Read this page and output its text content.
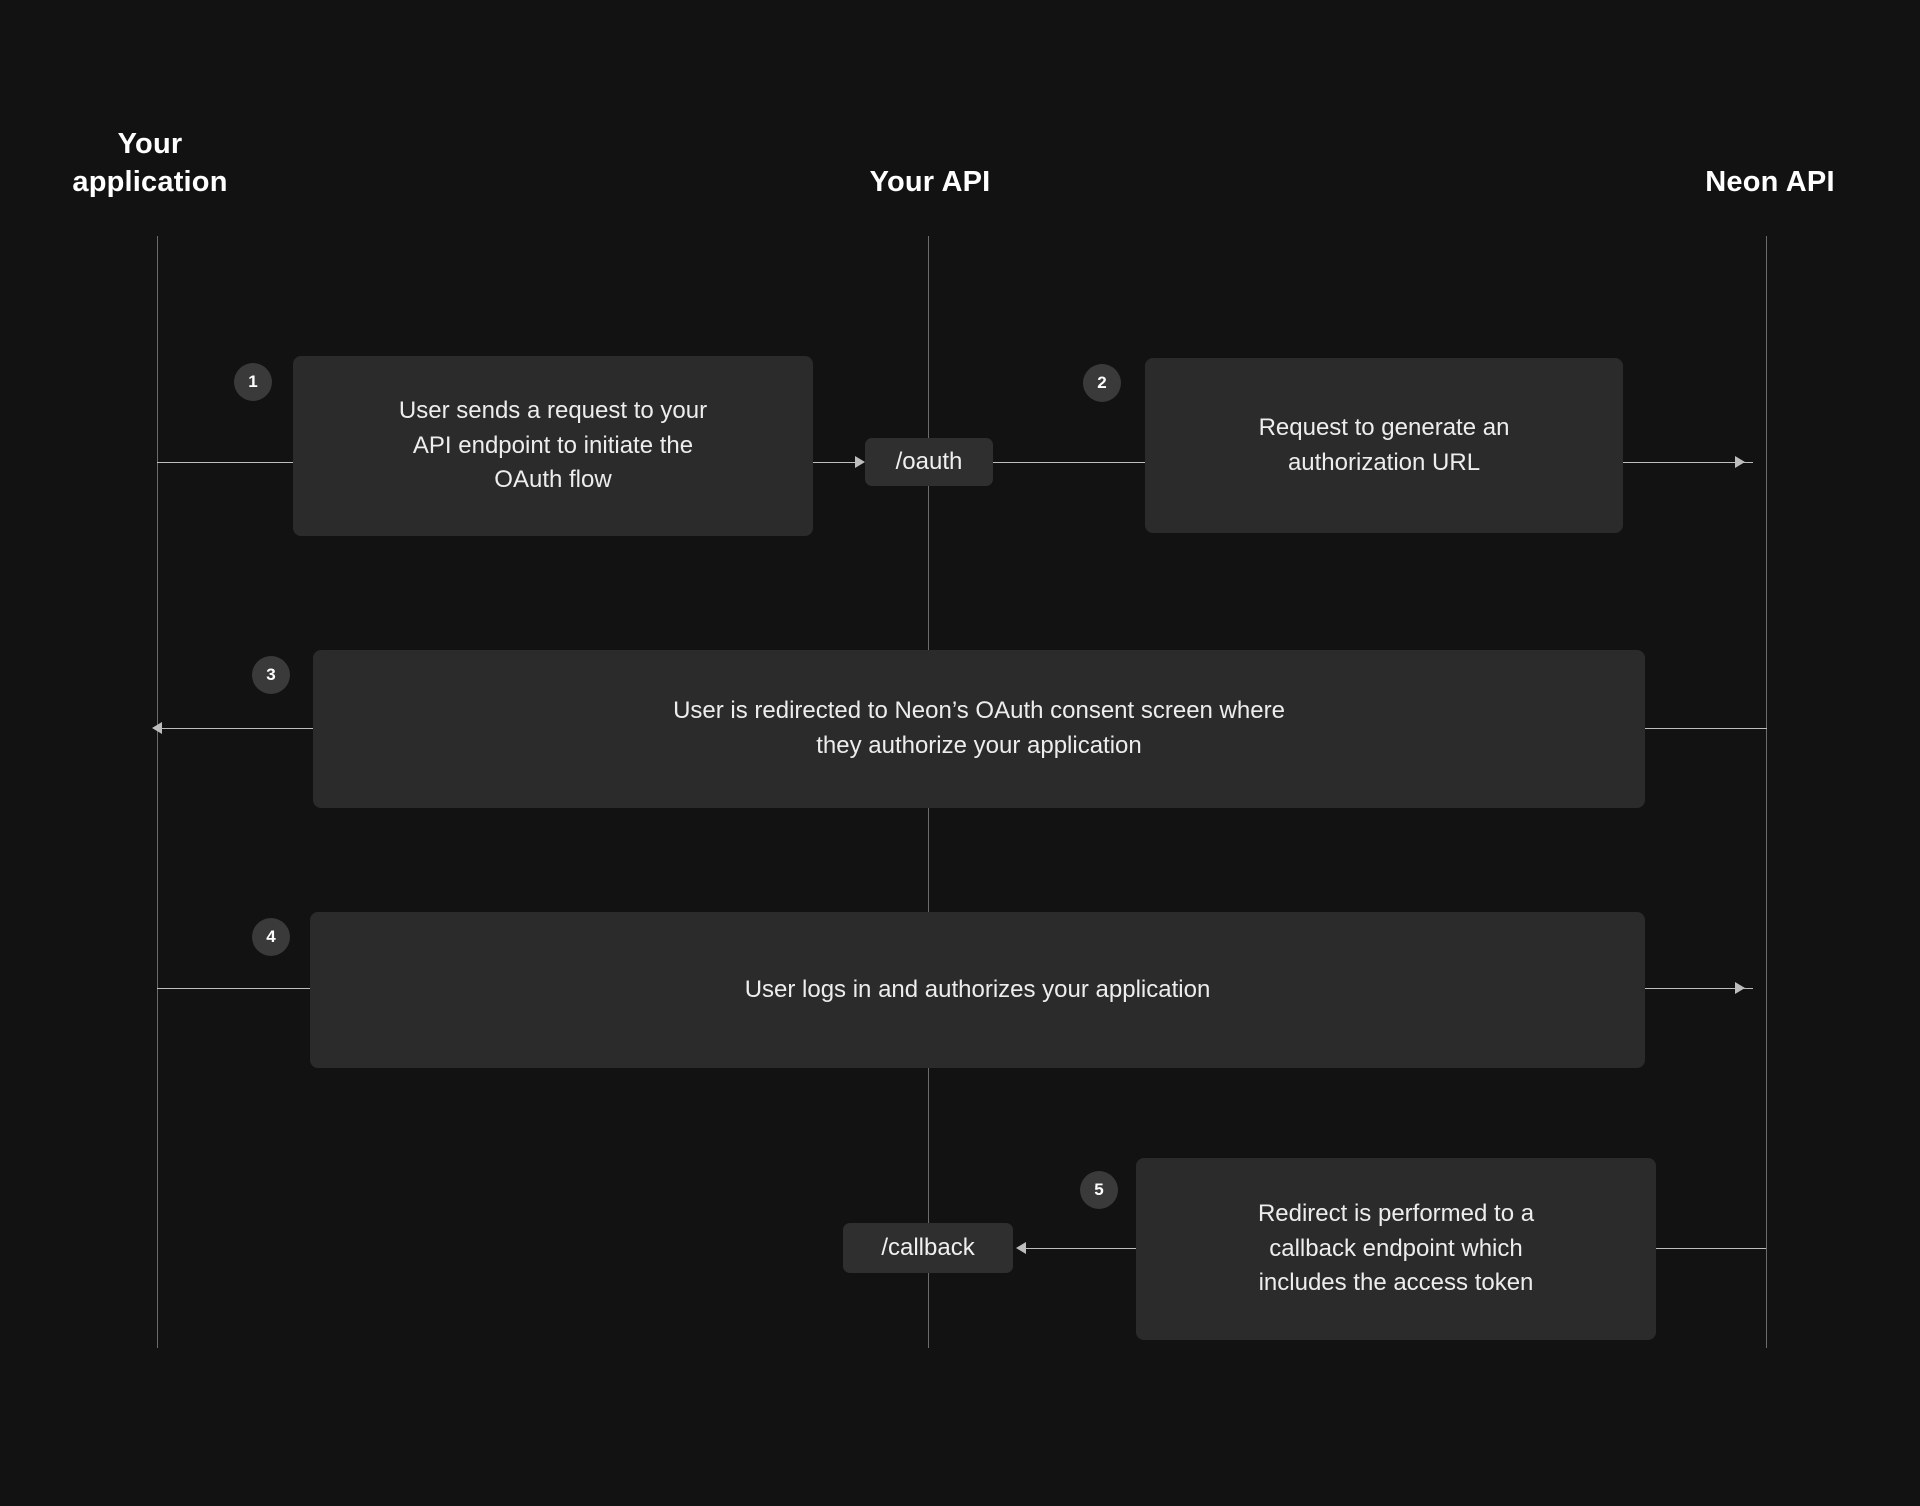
Your
application	Your API	Neon API
User sends a request to your
API endpoint to initiate the
OAuth flow
1
/oauth
Request to generate an
authorization URL
2
User is redirected to Neon’s OAuth consent screen where
they authorize your application
3
User logs in and authorizes your application
4
Redirect is performed to a
callback endpoint which
includes the access token
5
/callback
